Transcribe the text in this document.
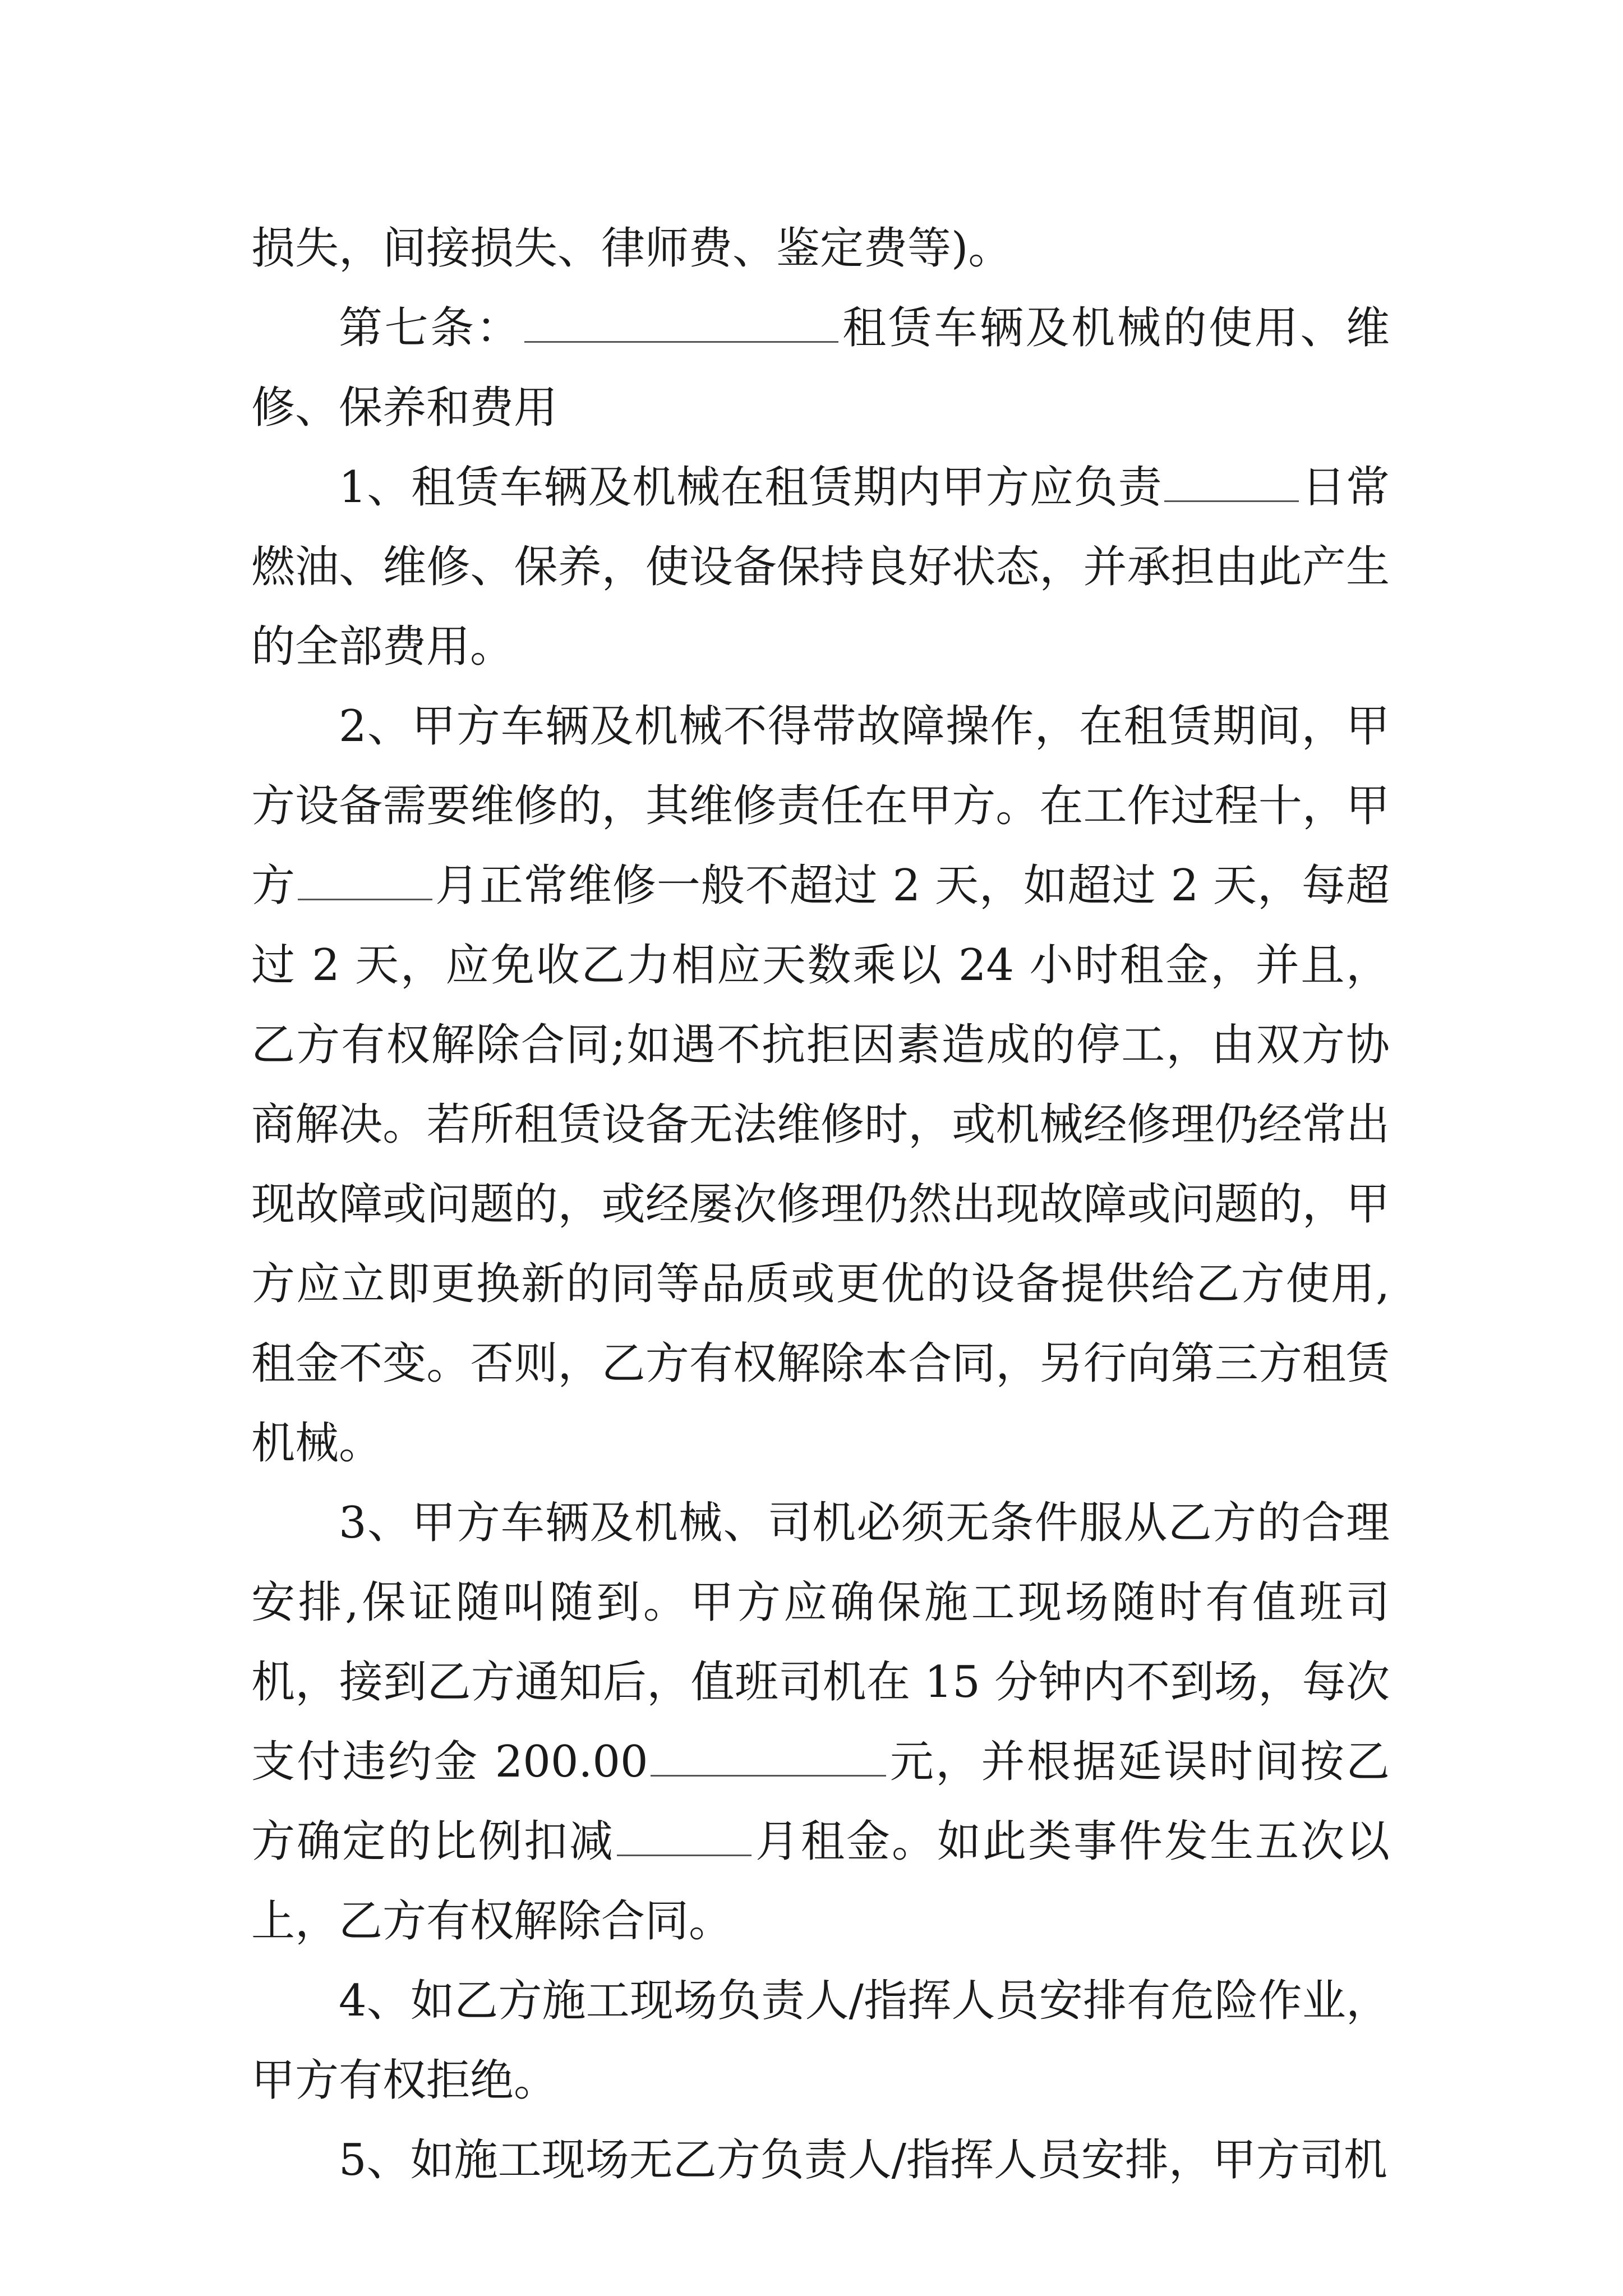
损失，间接损失、律师费、鉴定费等)。

第七条：	租赁车辆及机械的使用、维修、保养和费用

1、租赁车辆及机械在租赁期内甲方应负责	日常燃油、维修、保养，使设备保持良好状态，并承担由此产生的全部费用。

2、甲方车辆及机械不得带故障操作，在租赁期间，甲方设备需要维修的，其维修责任在甲方。在工作过程十，甲方	月正常维修一般不超过 2 天，如超过 2 天，每超过 2 天，应免收乙力相应天数乘以 24 小时租金，并且，乙方有权解除合同;如遇不抗拒因素造成的停工，由双方协商解决。若所租赁设备无法维修时，或机械经修理仍经常出现故障或问题的，或经屡次修理仍然出现故障或问题的，甲方应立即更换新的同等品质或更优的设备提供给乙方使用,租金不变。否则，乙方有权解除本合同，另行向第三方租赁机械。

3、甲方车辆及机械、司机必须无条件服从乙方的合理安排,保证随叫随到。甲方应确保施工现场随时有值班司机，接到乙方通知后，值班司机在 15 分钟内不到场，每次支付违约金 200.00	元，并根据延误时间按乙方确定的比例扣减	月租金。如此类事件发生五次以上，乙方有权解除合同。

4、如乙方施工现场负责人/指挥人员安排有危险作业，甲方有权拒绝。

5、如施工现场无乙方负责人/指挥人员安排，甲方司机
